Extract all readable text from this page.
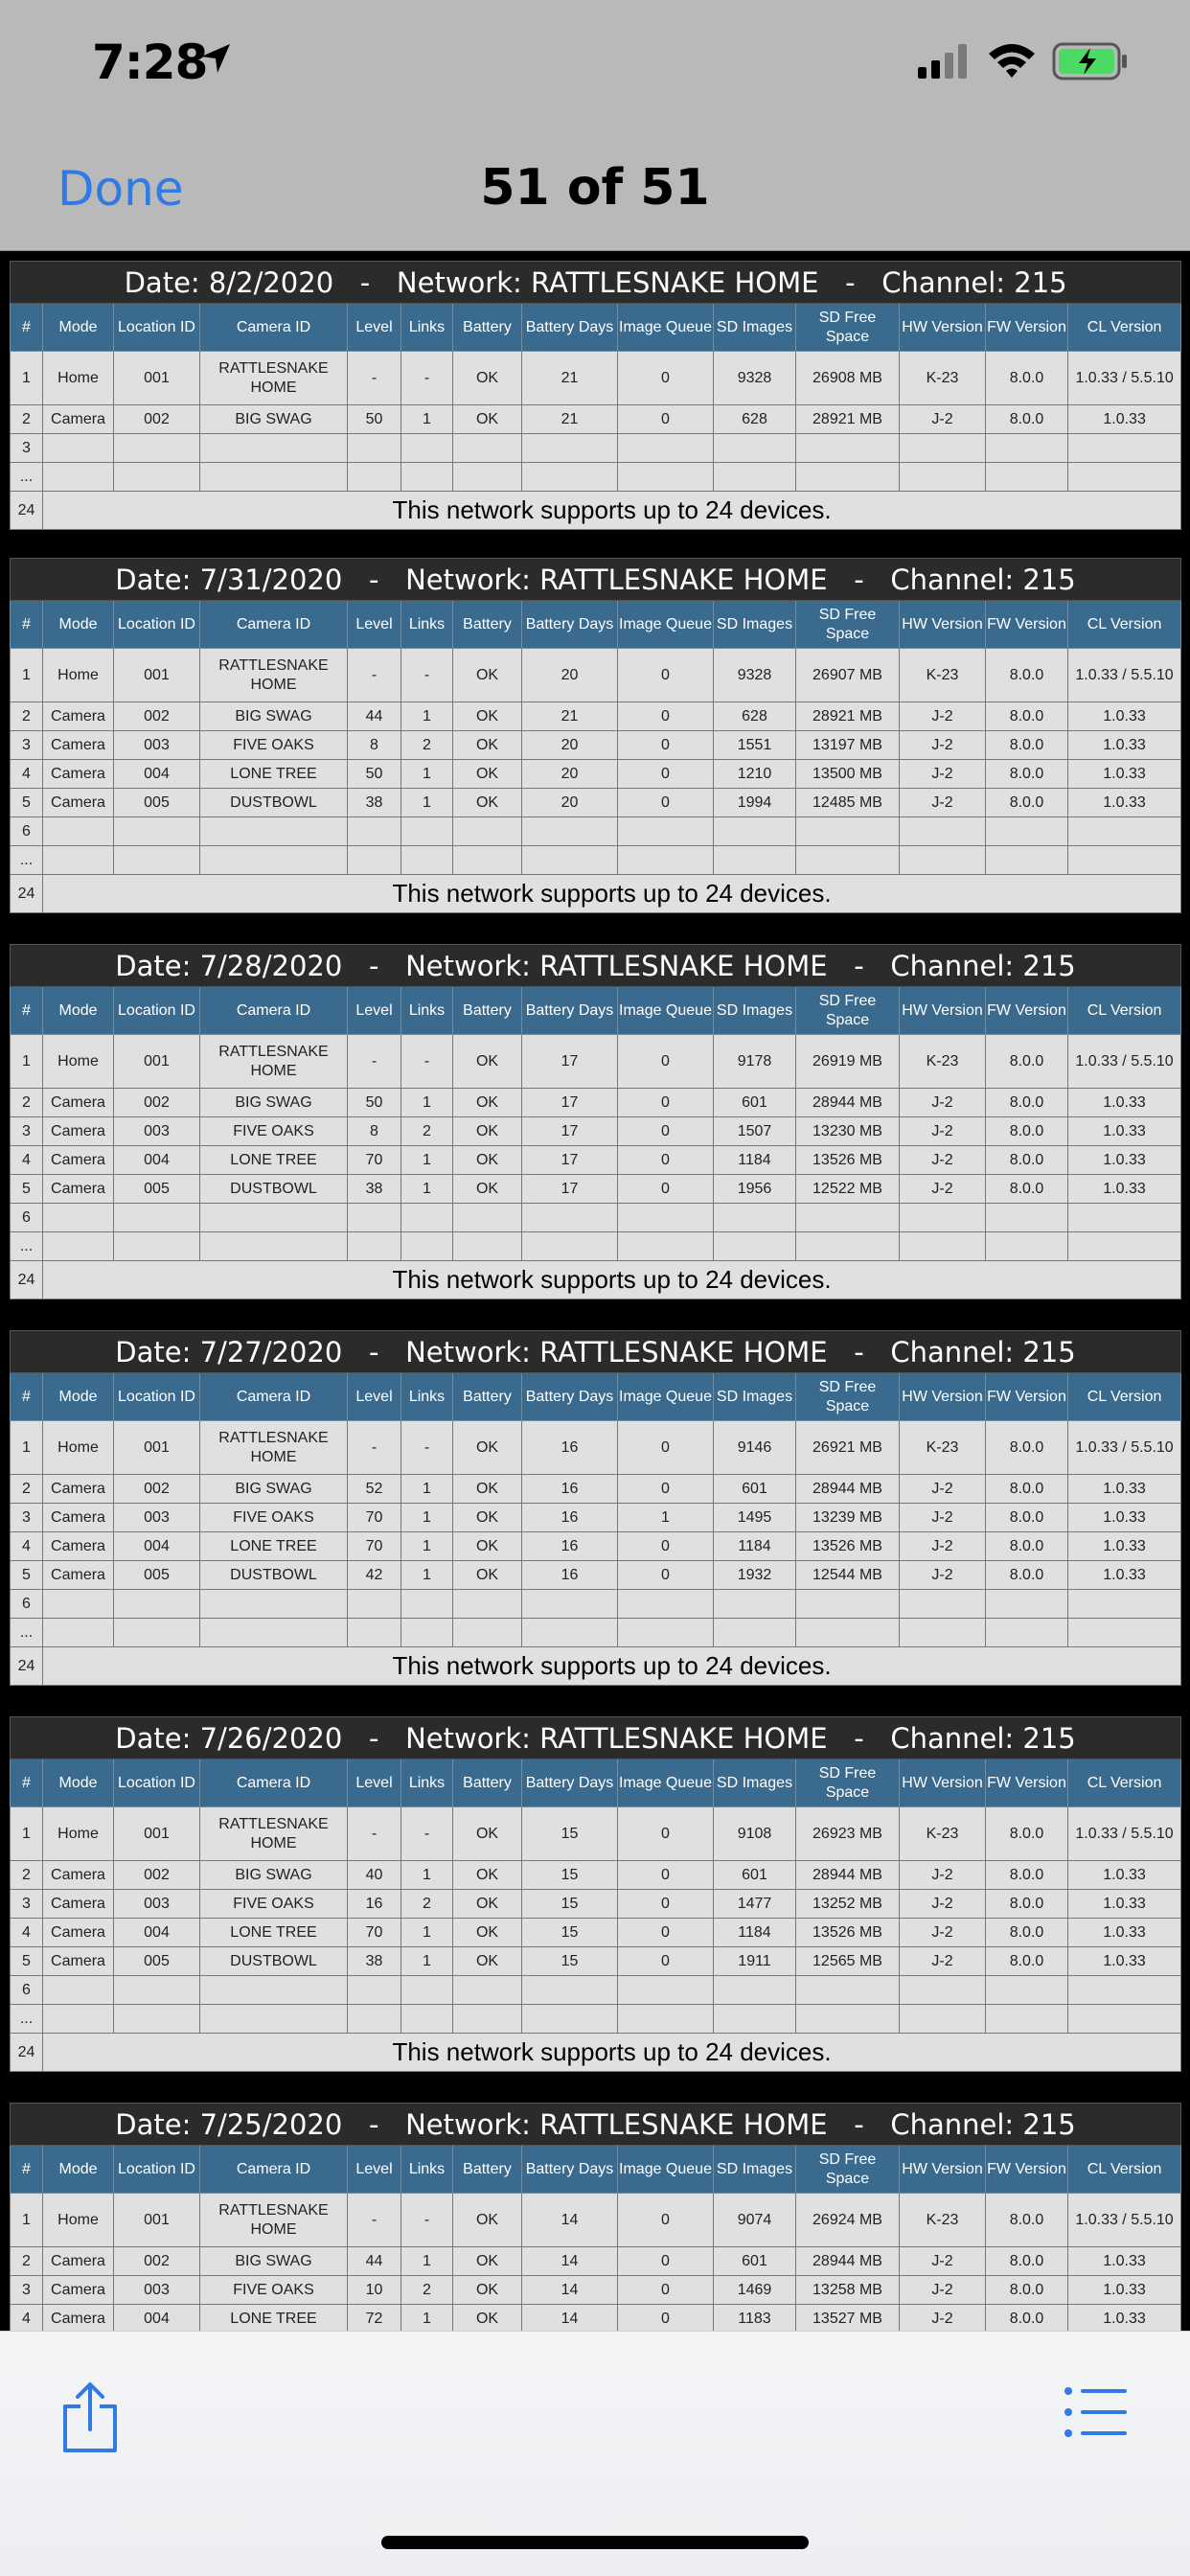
7:28
Done	51 of 51
Date: 8/2/2020   -   Network: RATTLESNAKE HOME   -   Channel: 215													
#	Mode	Location ID	Camera ID	Level	Links	Battery	Battery Days	Image Queue	SD Images	SD Free Space	HW Version	FW Version	CL Version
1	Home	001	RATTLESNAKE HOME	-	-	OK	21	0	9328	26908 MB	K-23	8.0.0	1.0.33 / 5.5.10
2	Camera	002	BIG SWAG	50	1	OK	21	0	628	28921 MB	J-2	8.0.0	1.0.33
3													
...													
24	This network supports up to 24 devices.												
Date: 7/31/2020   -   Network: RATTLESNAKE HOME   -   Channel: 215													
#	Mode	Location ID	Camera ID	Level	Links	Battery	Battery Days	Image Queue	SD Images	SD Free Space	HW Version	FW Version	CL Version
1	Home	001	RATTLESNAKE HOME	-	-	OK	20	0	9328	26907 MB	K-23	8.0.0	1.0.33 / 5.5.10
2	Camera	002	BIG SWAG	44	1	OK	21	0	628	28921 MB	J-2	8.0.0	1.0.33
3	Camera	003	FIVE OAKS	8	2	OK	20	0	1551	13197 MB	J-2	8.0.0	1.0.33
4	Camera	004	LONE TREE	50	1	OK	20	0	1210	13500 MB	J-2	8.0.0	1.0.33
5	Camera	005	DUSTBOWL	38	1	OK	20	0	1994	12485 MB	J-2	8.0.0	1.0.33
6													
...													
24	This network supports up to 24 devices.												
Date: 7/28/2020   -   Network: RATTLESNAKE HOME   -   Channel: 215													
#	Mode	Location ID	Camera ID	Level	Links	Battery	Battery Days	Image Queue	SD Images	SD Free Space	HW Version	FW Version	CL Version
1	Home	001	RATTLESNAKE HOME	-	-	OK	17	0	9178	26919 MB	K-23	8.0.0	1.0.33 / 5.5.10
2	Camera	002	BIG SWAG	50	1	OK	17	0	601	28944 MB	J-2	8.0.0	1.0.33
3	Camera	003	FIVE OAKS	8	2	OK	17	0	1507	13230 MB	J-2	8.0.0	1.0.33
4	Camera	004	LONE TREE	70	1	OK	17	0	1184	13526 MB	J-2	8.0.0	1.0.33
5	Camera	005	DUSTBOWL	38	1	OK	17	0	1956	12522 MB	J-2	8.0.0	1.0.33
6													
...													
24	This network supports up to 24 devices.												
Date: 7/27/2020   -   Network: RATTLESNAKE HOME   -   Channel: 215													
#	Mode	Location ID	Camera ID	Level	Links	Battery	Battery Days	Image Queue	SD Images	SD Free Space	HW Version	FW Version	CL Version
1	Home	001	RATTLESNAKE HOME	-	-	OK	16	0	9146	26921 MB	K-23	8.0.0	1.0.33 / 5.5.10
2	Camera	002	BIG SWAG	52	1	OK	16	0	601	28944 MB	J-2	8.0.0	1.0.33
3	Camera	003	FIVE OAKS	70	1	OK	16	1	1495	13239 MB	J-2	8.0.0	1.0.33
4	Camera	004	LONE TREE	70	1	OK	16	0	1184	13526 MB	J-2	8.0.0	1.0.33
5	Camera	005	DUSTBOWL	42	1	OK	16	0	1932	12544 MB	J-2	8.0.0	1.0.33
6													
...													
24	This network supports up to 24 devices.												
Date: 7/26/2020   -   Network: RATTLESNAKE HOME   -   Channel: 215													
#	Mode	Location ID	Camera ID	Level	Links	Battery	Battery Days	Image Queue	SD Images	SD Free Space	HW Version	FW Version	CL Version
1	Home	001	RATTLESNAKE HOME	-	-	OK	15	0	9108	26923 MB	K-23	8.0.0	1.0.33 / 5.5.10
2	Camera	002	BIG SWAG	40	1	OK	15	0	601	28944 MB	J-2	8.0.0	1.0.33
3	Camera	003	FIVE OAKS	16	2	OK	15	0	1477	13252 MB	J-2	8.0.0	1.0.33
4	Camera	004	LONE TREE	70	1	OK	15	0	1184	13526 MB	J-2	8.0.0	1.0.33
5	Camera	005	DUSTBOWL	38	1	OK	15	0	1911	12565 MB	J-2	8.0.0	1.0.33
6													
...													
24	This network supports up to 24 devices.												
Date: 7/25/2020   -   Network: RATTLESNAKE HOME   -   Channel: 215													
#	Mode	Location ID	Camera ID	Level	Links	Battery	Battery Days	Image Queue	SD Images	SD Free Space	HW Version	FW Version	CL Version
1	Home	001	RATTLESNAKE HOME	-	-	OK	14	0	9074	26924 MB	K-23	8.0.0	1.0.33 / 5.5.10
2	Camera	002	BIG SWAG	44	1	OK	14	0	601	28944 MB	J-2	8.0.0	1.0.33
3	Camera	003	FIVE OAKS	10	2	OK	14	0	1469	13258 MB	J-2	8.0.0	1.0.33
4	Camera	004	LONE TREE	72	1	OK	14	0	1183	13527 MB	J-2	8.0.0	1.0.33
